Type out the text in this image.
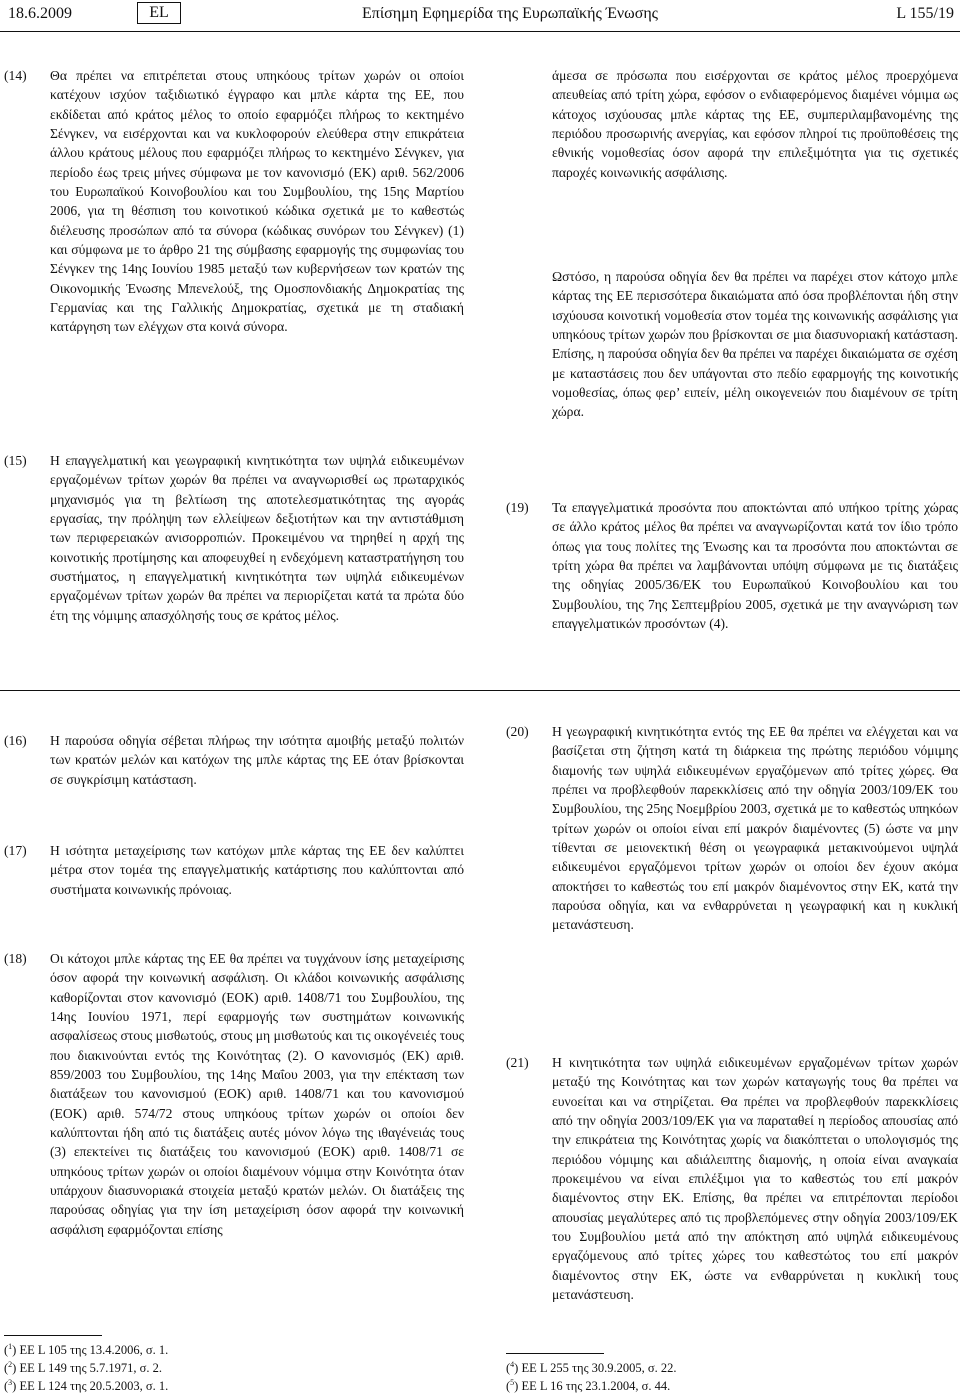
18.6.2009	EL	Επίσημη Εφημερίδα της Ευρωπαϊκής Ένωσης	L 155/19
(14) Θα πρέπει να επιτρέπεται στους υπηκόους τρίτων χωρών οι οποίοι κατέχουν ισχύον ταξιδιωτικό έγγραφο και μπλε κάρτα της ΕΕ, που εκδίδεται από κράτος μέλος το οποίο εφαρμόζει πλήρως το κεκτημένο Σένγκεν, να εισέρχονται και να κυκλοφορούν ελεύθερα στην επικράτεια άλλου κράτους μέλους που εφαρμόζει πλήρως το κεκτημένο Σένγκεν, για περίοδο έως τρεις μήνες σύμφωνα με τον κανονισμό (ΕΚ) αριθ. 562/2006 του Ευρωπαϊκού Κοινοβουλίου και του Συμβουλίου, της 15ης Μαρτίου 2006, για τη θέσπιση του κοινοτικού κώδικα σχετικά με το καθεστώς διέλευσης προσώπων από τα σύνορα (κώδικας συνόρων του Σένγκεν) (1) και σύμφωνα με το άρθρο 21 της σύμβασης εφαρμογής της συμφωνίας του Σένγκεν της 14ης Ιουνίου 1985 μεταξύ των κυβερνήσεων των κρατών της Οικονομικής Ένωσης Μπενελούξ, της Ομοσπονδιακής Δημοκρατίας της Γερμανίας και της Γαλλικής Δημοκρατίας, σχετικά με τη σταδιακή κατάργηση των ελέγχων στα κοινά σύνορα.
(15) Η επαγγελματική και γεωγραφική κινητικότητα των υψηλά ειδικευμένων εργαζομένων τρίτων χωρών θα πρέπει να αναγνωρισθεί ως πρωταρχικός μηχανισμός για τη βελτίωση της αποτελεσματικότητας της αγοράς εργασίας, την πρόληψη των ελλείψεων δεξιοτήτων και την αντιστάθμιση των περιφερειακών ανισορροπιών. Προκειμένου να τηρηθεί η αρχή της κοινοτικής προτίμησης και αποφευχθεί η ενδεχόμενη καταστρατήγηση του συστήματος, η επαγγελματική κινητικότητα των υψηλά ειδικευμένων εργαζομένων τρίτων χωρών θα πρέπει να περιορίζεται κατά τα πρώτα δύο έτη της νόμιμης απασχόλησής τους σε κράτος μέλος.
(16) Η παρούσα οδηγία σέβεται πλήρως την ισότητα αμοιβής μεταξύ πολιτών των κρατών μελών και κατόχων της μπλε κάρτας της ΕΕ όταν βρίσκονται σε συγκρίσιμη κατάσταση.
(17) Η ισότητα μεταχείρισης των κατόχων μπλε κάρτας της ΕΕ δεν καλύπτει μέτρα στον τομέα της επαγγελματικής κατάρτισης που καλύπτονται από συστήματα κοινωνικής πρόνοιας.
(18) Οι κάτοχοι μπλε κάρτας της ΕΕ θα πρέπει να τυγχάνουν ίσης μεταχείρισης όσον αφορά την κοινωνική ασφάλιση. Οι κλάδοι κοινωνικής ασφάλισης καθορίζονται στον κανονισμό (ΕΟΚ) αριθ. 1408/71 του Συμβουλίου, της 14ης Ιουνίου 1971, περί εφαρμογής των συστημάτων κοινωνικής ασφαλίσεως στους μισθωτούς, στους μη μισθωτούς και τις οικογένειές τους που διακινούνται εντός της Κοινότητας (2). Ο κανονισμός (ΕΚ) αριθ. 859/2003 του Συμβουλίου, της 14ης Μαΐου 2003, για την επέκταση των διατάξεων του κανονισμού (ΕΟΚ) αριθ. 1408/71 και του κανονισμού (ΕΟΚ) αριθ. 574/72 στους υπηκόους τρίτων χωρών οι οποίοι δεν καλύπτονται ήδη από τις διατάξεις αυτές μόνον λόγω της ιθαγένειάς τους (3) επεκτείνει τις διατάξεις του κανονισμού (ΕΟΚ) αριθ. 1408/71 σε υπηκόους τρίτων χωρών οι οποίοι διαμένουν νόμιμα στην Κοινότητα όταν υπάρχουν διασυνοριακά στοιχεία μεταξύ κρατών μελών. Οι διατάξεις της παρούσας οδηγίας για την ίση μεταχείριση όσον αφορά την κοινωνική ασφάλιση εφαρμόζονται επίσης
άμεσα σε πρόσωπα που εισέρχονται σε κράτος μέλος προερχόμενα απευθείας από τρίτη χώρα, εφόσον ο ενδιαφερόμενος διαμένει νόμιμα ως κάτοχος ισχύουσας μπλε κάρτας της ΕΕ, συμπεριλαμβανομένης της περιόδου προσωρινής ανεργίας, και εφόσον πληροί τις προϋποθέσεις της εθνικής νομοθεσίας όσον αφορά την επιλεξιμότητα για τις σχετικές παροχές κοινωνικής ασφάλισης.
Ωστόσο, η παρούσα οδηγία δεν θα πρέπει να παρέχει στον κάτοχο μπλε κάρτας της ΕΕ περισσότερα δικαιώματα από όσα προβλέπονται ήδη στην ισχύουσα κοινοτική νομοθεσία στον τομέα της κοινωνικής ασφάλισης για υπηκόους τρίτων χωρών που βρίσκονται σε μια διασυνοριακή κατάσταση. Επίσης, η παρούσα οδηγία δεν θα πρέπει να παρέχει δικαιώματα σε σχέση με καταστάσεις που δεν υπάγονται στο πεδίο εφαρμογής της κοινοτικής νομοθεσίας, όπως φερ’ ειπείν, μέλη οικογενειών που διαμένουν σε τρίτη χώρα.
(19) Τα επαγγελματικά προσόντα που αποκτώνται από υπήκοο τρίτης χώρας σε άλλο κράτος μέλος θα πρέπει να αναγνωρίζονται κατά τον ίδιο τρόπο όπως για τους πολίτες της Ένωσης και τα προσόντα που αποκτώνται σε τρίτη χώρα θα πρέπει να λαμβάνονται υπόψη σύμφωνα με τις διατάξεις της οδηγίας 2005/36/ΕΚ του Ευρωπαϊκού Κοινοβουλίου και του Συμβουλίου, της 7ης Σεπτεμβρίου 2005, σχετικά με την αναγνώριση των επαγγελματικών προσόντων (4).
(20) Η γεωγραφική κινητικότητα εντός της ΕΕ θα πρέπει να ελέγχεται και να βασίζεται στη ζήτηση κατά τη διάρκεια της πρώτης περιόδου νόμιμης διαμονής των υψηλά ειδικευμένων εργαζόμενων από τρίτες χώρες. Θα πρέπει να προβλεφθούν παρεκκλίσεις από την οδηγία 2003/109/ΕΚ του Συμβουλίου, της 25ης Νοεμβρίου 2003, σχετικά με το καθεστώς υπηκόων τρίτων χωρών οι οποίοι είναι επί μακρόν διαμένοντες (5) ώστε να μην τίθενται σε μειονεκτική θέση οι γεωγραφικά μετακινούμενοι υψηλά ειδικευμένοι εργαζόμενοι τρίτων χωρών οι οποίοι δεν έχουν ακόμα αποκτήσει το καθεστώς του επί μακρόν διαμένοντος στην ΕΚ, κατά την παρούσα οδηγία, και να ενθαρρύνεται η γεωγραφική και η κυκλική μετανάστευση.
(21) Η κινητικότητα των υψηλά ειδικευμένων εργαζομένων τρίτων χωρών μεταξύ της Κοινότητας και των χωρών καταγωγής τους θα πρέπει να ευνοείται και να στηρίζεται. Θα πρέπει να προβλεφθούν παρεκκλίσεις από την οδηγία 2003/109/ΕΚ για να παραταθεί η περίοδος απουσίας από την επικράτεια της Κοινότητας χωρίς να διακόπτεται ο υπολογισμός της περιόδου νόμιμης και αδιάλειπτης διαμονής, η οποία είναι αναγκαία προκειμένου να είναι επιλέξιμοι για το καθεστώς του επί μακρόν διαμένοντος στην ΕΚ. Επίσης, θα πρέπει να επιτρέπονται περίοδοι απουσίας μεγαλύτερες από τις προβλεπόμενες στην οδηγία 2003/109/ΕΚ του Συμβουλίου μετά από την απόκτηση από υψηλά ειδικευμένους εργαζόμενους από τρίτες χώρες του καθεστώτος του επί μακρόν διαμένοντος στην ΕΚ, ώστε να ενθαρρύνεται η κυκλική τους μετανάστευση.
($^1$) ΕΕ L 105 της 13.4.2006, σ. 1.
($^2$) ΕΕ L 149 της 5.7.1971, σ. 2.
($^3$) ΕΕ L 124 της 20.5.2003, σ. 1.
($^4$) ΕΕ L 255 της 30.9.2005, σ. 22.
($^5$) ΕΕ L 16 της 23.1.2004, σ. 44.
